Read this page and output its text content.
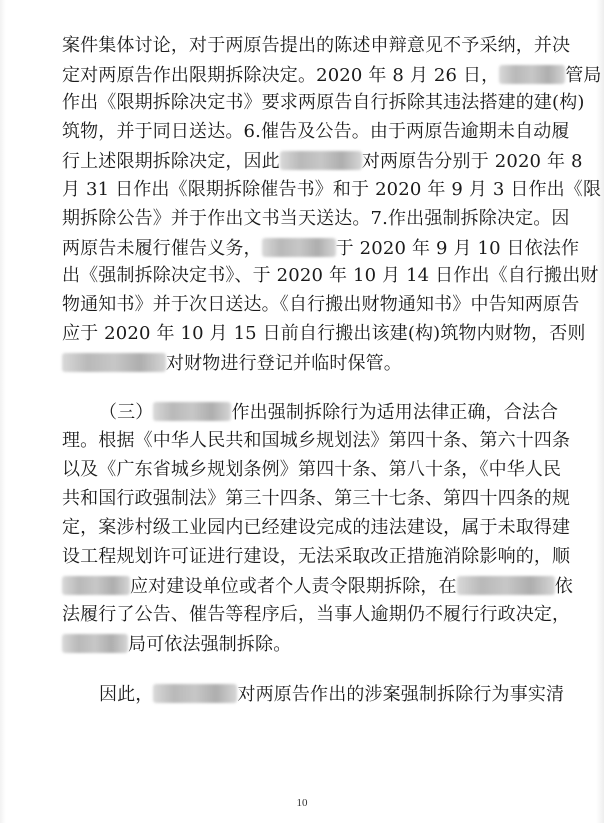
案件集体讨论，对于两原告提出的陈述申辩意见不予采纳，并决
定对两原告作出限期拆除决定。2020 年 8 月 26 日，	管局
作出《限期拆除决定书》要求两原告自行拆除其违法搭建的建(构)
筑物，并于同日送达。6.催告及公告。由于两原告逾期未自动履
行上述限期拆除决定，因此	对两原告分别于 2020 年 8
月 31 日作出《限期拆除催告书》和于 2020 年 9 月 3 日作出《限
期拆除公告》并于作出文书当天送达。7.作出强制拆除决定。因
两原告未履行催告义务，	于 2020 年 9 月 10 日依法作
出《强制拆除决定书》、于 2020 年 10 月 14 日作出《自行搬出财
物通知书》并于次日送达。《自行搬出财物通知书》中告知两原告
应于 2020 年 10 月 15 日前自行搬出该建(构)筑物内财物，否则
对财物进行登记并临时保管。
（三）	作出强制拆除行为适用法律正确，合法合
理。根据《中华人民共和国城乡规划法》第四十条、第六十四条
以及《广东省城乡规划条例》第四十条、第八十条，《中华人民
共和国行政强制法》第三十四条、第三十七条、第四十四条的规
定，案涉村级工业园内已经建设完成的违法建设，属于未取得建
设工程规划许可证进行建设，无法采取改正措施消除影响的，顺
应对建设单位或者个人责令限期拆除，在	依
法履行了公告、催告等程序后，当事人逾期仍不履行行政决定，
局可依法强制拆除。
因此，	对两原告作出的涉案强制拆除行为事实清
10
